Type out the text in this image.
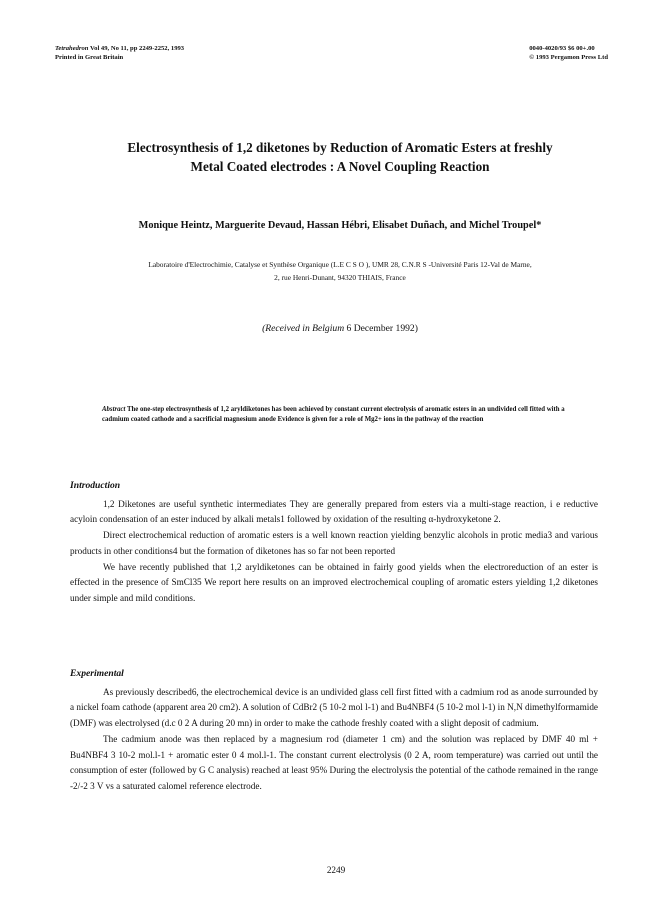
Tetrahedron Vol 49, No 11, pp 2249-2252, 1993
Printed in Great Britain
0040-4020/93 $6 00+.00
© 1993 Pergamon Press Ltd
Electrosynthesis of 1,2 diketones by Reduction of Aromatic Esters at freshly
Metal Coated electrodes : A Novel Coupling Reaction
Monique Heintz, Marguerite Devaud, Hassan Hébri, Elisabet Duñach, and Michel Troupel*
Laboratoire d'Electrochimie, Catalyse et Synthèse Organique (L.E C S O ), UMR 28, C.N.R S -Université Paris 12-Val de Marne,
2, rue Henri-Dunant, 94320 THIAIS, France
(Received in Belgium 6 December 1992)
Abstract The one-step electrosynthesis of 1,2 aryldiketones has been achieved by constant current electrolysis of aromatic esters in an undivided cell fitted with a cadmium coated cathode and a sacrificial magnesium anode Evidence is given for a role of Mg2+ ions in the pathway of the reaction
Introduction

1,2 Diketones are useful synthetic intermediates They are generally prepared from esters via a multi-stage reaction, i e reductive acyloin condensation of an ester induced by alkali metals1 followed by oxidation of the resulting α-hydroxyketone 2.

Direct electrochemical reduction of aromatic esters is a well known reaction yielding benzylic alcohols in protic media3 and various products in other conditions4 but the formation of diketones has so far not been reported

We have recently published that 1,2 aryldiketones can be obtained in fairly good yields when the electroreduction of an ester is effected in the presence of SmCl35 We report here results on an improved electrochemical coupling of aromatic esters yielding 1,2 diketones under simple and mild conditions.

Experimental

As previously described6, the electrochemical device is an undivided glass cell first fitted with a cadmium rod as anode surrounded by a nickel foam cathode (apparent area 20 cm2). A solution of CdBr2 (5 10-2 mol l-1) and Bu4NBF4 (5 10-2 mol l-1) in N,N dimethylformamide (DMF) was electrolysed (d.c 0 2 A during 20 mn) in order to make the cathode freshly coated with a slight deposit of cadmium.

The cadmium anode was then replaced by a magnesium rod (diameter 1 cm) and the solution was replaced by DMF 40 ml + Bu4NBF4 3 10-2 mol.l-1 + aromatic ester 0 4 mol.l-1. The constant current electrolysis (0 2 A, room temperature) was carried out until the consumption of ester (followed by G C analysis) reached at least 95% During the electrolysis the potential of the cathode remained in the range -2/-2 3 V vs a saturated calomel reference electrode.

2249
